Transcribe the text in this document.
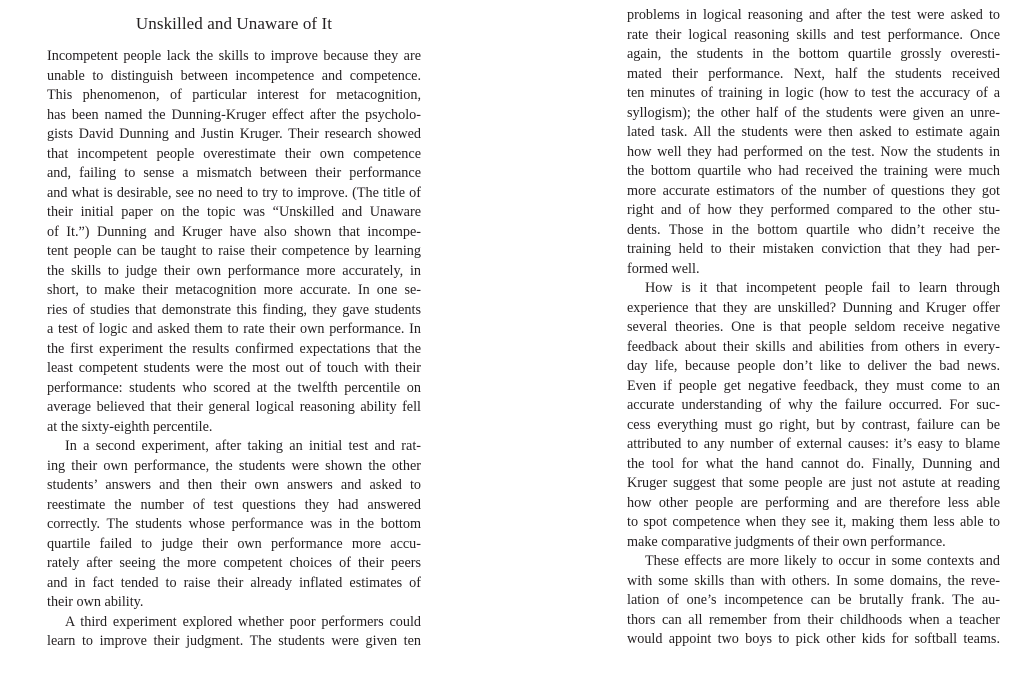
Unskilled and Unaware of It
Incompetent people lack the skills to improve because they are
unable to distinguish between incompetence and competence.
This phenomenon, of particular interest for metacognition,
has been named the Dunning-Kruger effect after the psycholo-
gists David Dunning and Justin Kruger. Their research showed
that incompetent people overestimate their own competence
and, failing to sense a mismatch between their performance
and what is desirable, see no need to try to improve. (The title of
their initial paper on the topic was “Unskilled and Unaware
of It.”) Dunning and Kruger have also shown that incompe-
tent people can be taught to raise their competence by learning
the skills to judge their own performance more accurately, in
short, to make their metacognition more accurate. In one se-
ries of studies that demonstrate this finding, they gave students
a test of logic and asked them to rate their own performance. In
the first experiment the results confirmed expectations that the
least competent students were the most out of touch with their
performance: students who scored at the twelfth percentile on
average believed that their general logical reasoning ability fell
at the sixty-eighth percentile.
In a second experiment, after taking an initial test and rat-
ing their own performance, the students were shown the other
students’ answers and then their own answers and asked to
reestimate the number of test questions they had answered
correctly. The students whose performance was in the bottom
quartile failed to judge their own performance more accu-
rately after seeing the more competent choices of their peers
and in fact tended to raise their already inflated estimates of
their own ability.
A third experiment explored whether poor performers could
learn to improve their judgment. The students were given ten
problems in logical reasoning and after the test were asked to
rate their logical reasoning skills and test performance. Once
again, the students in the bottom quartile grossly overesti-
mated their performance. Next, half the students received
ten minutes of training in logic (how to test the accuracy of a
syllogism); the other half of the students were given an unre-
lated task. All the students were then asked to estimate again
how well they had performed on the test. Now the students in
the bottom quartile who had received the training were much
more accurate estimators of the number of questions they got
right and of how they performed compared to the other stu-
dents. Those in the bottom quartile who didn’t receive the
training held to their mistaken conviction that they had per-
formed well.
How is it that incompetent people fail to learn through
experience that they are unskilled? Dunning and Kruger offer
several theories. One is that people seldom receive negative
feedback about their skills and abilities from others in every-
day life, because people don’t like to deliver the bad news.
Even if people get negative feedback, they must come to an
accurate understanding of why the failure occurred. For suc-
cess everything must go right, but by contrast, failure can be
attributed to any number of external causes: it’s easy to blame
the tool for what the hand cannot do. Finally, Dunning and
Kruger suggest that some people are just not astute at reading
how other people are performing and are therefore less able
to spot competence when they see it, making them less able to
make comparative judgments of their own performance.
These effects are more likely to occur in some contexts and
with some skills than with others. In some domains, the reve-
lation of one’s incompetence can be brutally frank. The au-
thors can all remember from their childhoods when a teacher
would appoint two boys to pick other kids for softball teams.
